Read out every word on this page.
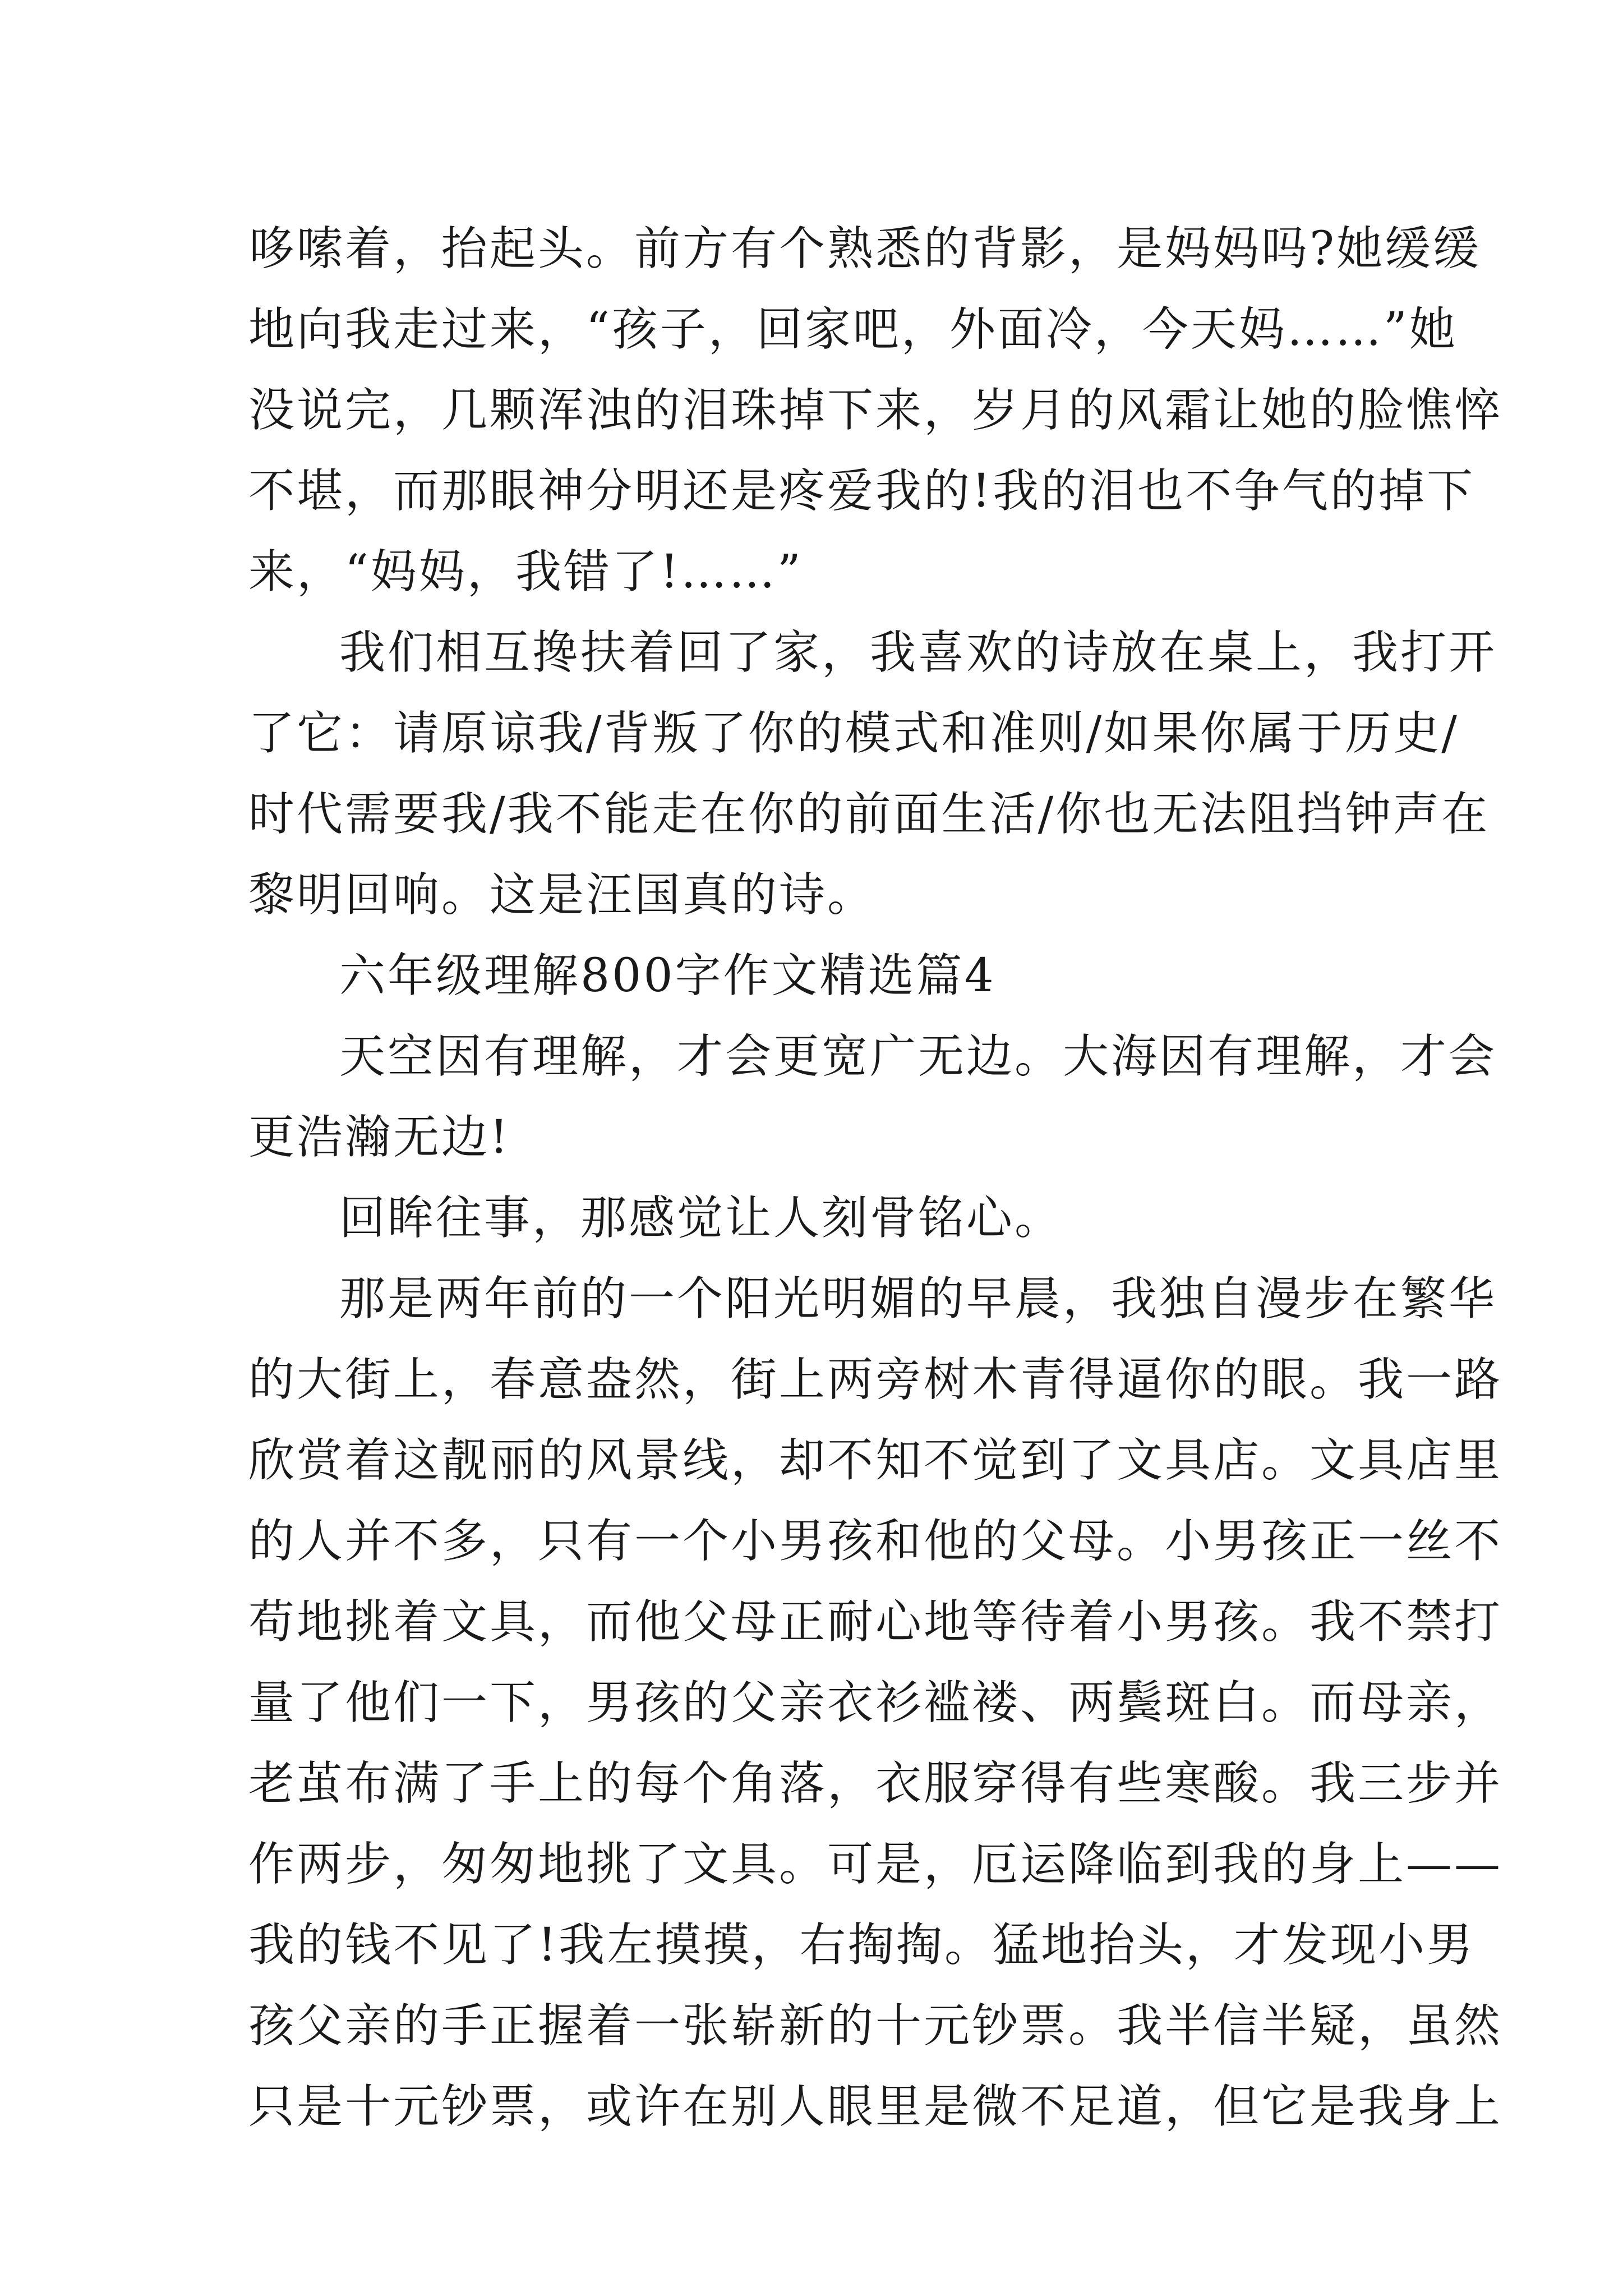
哆嗦着，抬起头。前方有个熟悉的背影，是妈妈吗?她缓缓
地向我走过来，“孩子，回家吧，外面冷，今天妈……”她
没说完，几颗浑浊的泪珠掉下来，岁月的风霜让她的脸憔悴
不堪，而那眼神分明还是疼爱我的!我的泪也不争气的掉下
来，“妈妈，我错了!……”
我们相互搀扶着回了家，我喜欢的诗放在桌上，我打开
了它：请原谅我/背叛了你的模式和准则/如果你属于历史/
时代需要我/我不能走在你的前面生活/你也无法阻挡钟声在
黎明回响。这是汪国真的诗。
六年级理解800字作文精选篇4
天空因有理解，才会更宽广无边。大海因有理解，才会
更浩瀚无边!
回眸往事，那感觉让人刻骨铭心。
那是两年前的一个阳光明媚的早晨，我独自漫步在繁华
的大街上，春意盎然，街上两旁树木青得逼你的眼。我一路
欣赏着这靓丽的风景线，却不知不觉到了文具店。文具店里
的人并不多，只有一个小男孩和他的父母。小男孩正一丝不
苟地挑着文具，而他父母正耐心地等待着小男孩。我不禁打
量了他们一下，男孩的父亲衣衫褴褛、两鬓斑白。而母亲，
老茧布满了手上的每个角落，衣服穿得有些寒酸。我三步并
作两步，匆匆地挑了文具。可是，厄运降临到我的身上——
我的钱不见了!我左摸摸，右掏掏。猛地抬头，才发现小男
孩父亲的手正握着一张崭新的十元钞票。我半信半疑，虽然
只是十元钞票，或许在别人眼里是微不足道，但它是我身上
